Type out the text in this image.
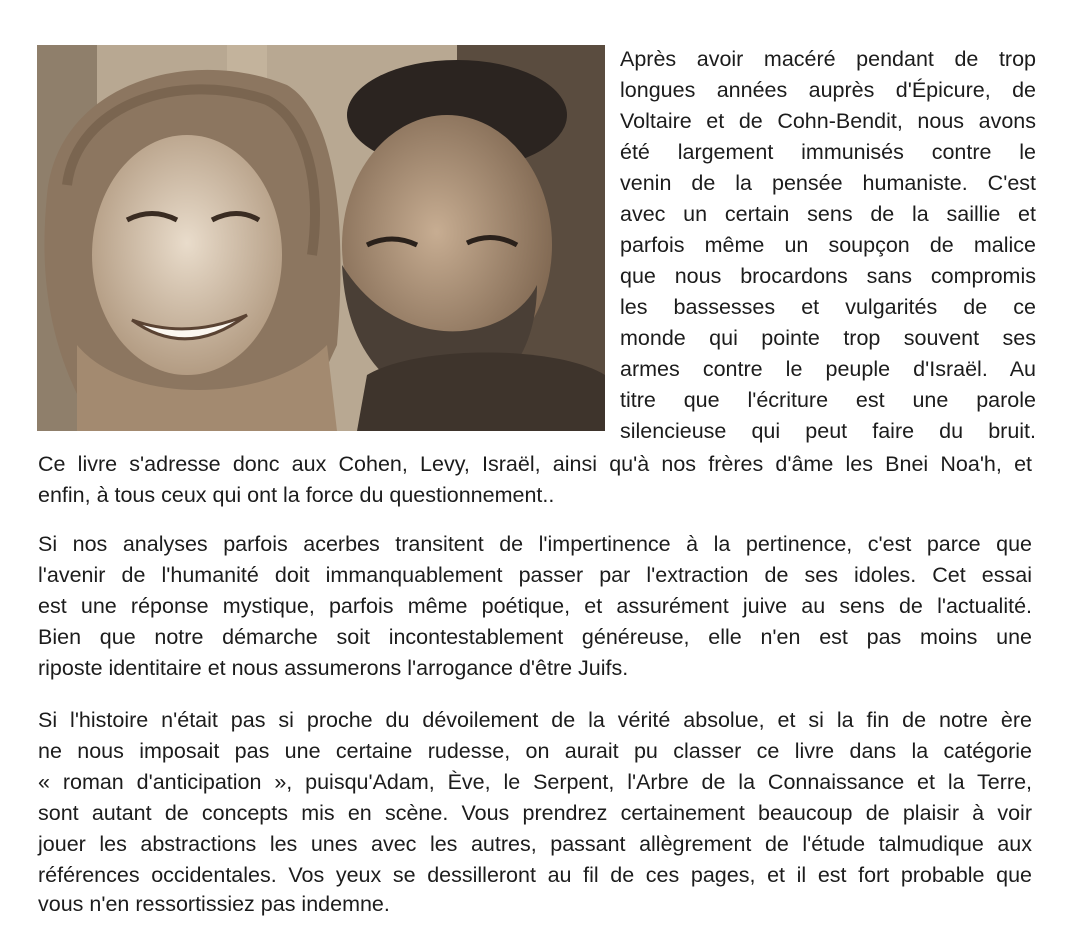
Après avoir macéré pendant de trop
longues années auprès d'Épicure, de
Voltaire et de Cohn-Bendit, nous avons
été largement immunisés contre le
venin de la pensée humaniste. C'est
avec un certain sens de la saillie et
parfois même un soupçon de malice
que nous brocardons sans compromis
les bassesses et vulgarités de ce
monde qui pointe trop souvent ses
armes contre le peuple d'Israël. Au
titre que l'écriture est une parole
silencieuse qui peut faire du bruit.
Ce livre s'adresse donc aux Cohen, Levy, Israël, ainsi qu'à nos frères d'âme les Bnei Noa'h, et
enfin, à tous ceux qui ont la force du questionnement..
Si nos analyses parfois acerbes transitent de l'impertinence à la pertinence, c'est parce que
l'avenir de l'humanité doit immanquablement passer par l'extraction de ses idoles. Cet essai
est une réponse mystique, parfois même poétique, et assurément juive au sens de l'actualité.
Bien que notre démarche soit incontestablement généreuse, elle n'en est pas moins une
riposte identitaire et nous assumerons l'arrogance d'être Juifs.
Si l'histoire n'était pas si proche du dévoilement de la vérité absolue, et si la fin de notre ère
ne nous imposait pas une certaine rudesse, on aurait pu classer ce livre dans la catégorie
« roman d'anticipation », puisqu'Adam, Ève, le Serpent, l'Arbre de la Connaissance et la Terre,
sont autant de concepts mis en scène. Vous prendrez certainement beaucoup de plaisir à voir
jouer les abstractions les unes avec les autres, passant allègrement de l'étude talmudique aux
références occidentales. Vos yeux se dessilleront au fil de ces pages, et il est fort probable que
vous n'en ressortissiez pas indemne.
